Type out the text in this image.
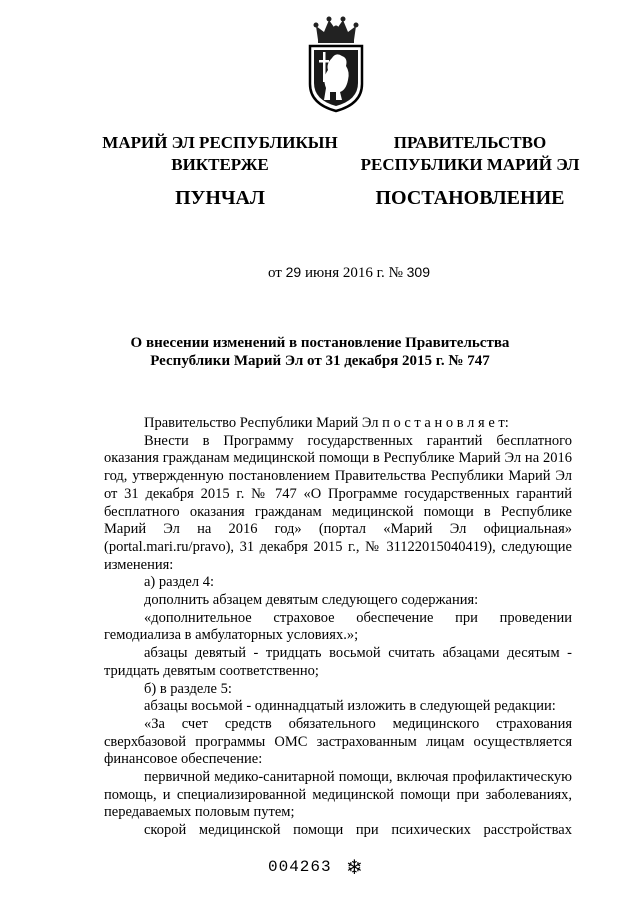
МАРИЙ ЭЛ РЕСПУБЛИКЫН
ВИКТЕРЖЕ
ПУНЧАЛ
ПРАВИТЕЛЬСТВО
РЕСПУБЛИКИ МАРИЙ ЭЛ
ПОСТАНОВЛЕНИЕ
от 29 июня 2016 г. № 309
О внесении изменений в постановление Правительства
Республики Марий Эл от 31 декабря 2015 г. № 747

Правительство Республики Марий Эл п о с т а н о в л я е т:

Внести в Программу государственных гарантий бесплатного оказания гражданам медицинской помощи в Республике Марий Эл на 2016 год, утвержденную постановлением Правительства Республики Марий Эл от 31 декабря 2015 г. № 747 «О Программе государственных гарантий бесплатного оказания гражданам медицинской помощи в Республике Марий Эл на 2016 год» (портал «Марий Эл официальная» (portal.mari.ru/pravo), 31 декабря 2015 г., № 31122015040419), следующие изменения:

а) раздел 4:

дополнить абзацем девятым следующего содержания:

«дополнительное страховое обеспечение при проведении гемодиализа в амбулаторных условиях.»;

абзацы девятый - тридцать восьмой считать абзацами десятым - тридцать девятым соответственно;

б) в разделе 5:

абзацы восьмой - одиннадцатый изложить в следующей редакции:

«За счет средств обязательного медицинского страхования сверхбазовой программы ОМС застрахованным лицам осуществляется финансовое обеспечение:

первичной медико-санитарной помощи, включая профилактическую помощь, и специализированной медицинской помощи при заболеваниях, передаваемых половым путем;

скорой медицинской помощи при психических расстройствах

004263 ❄
